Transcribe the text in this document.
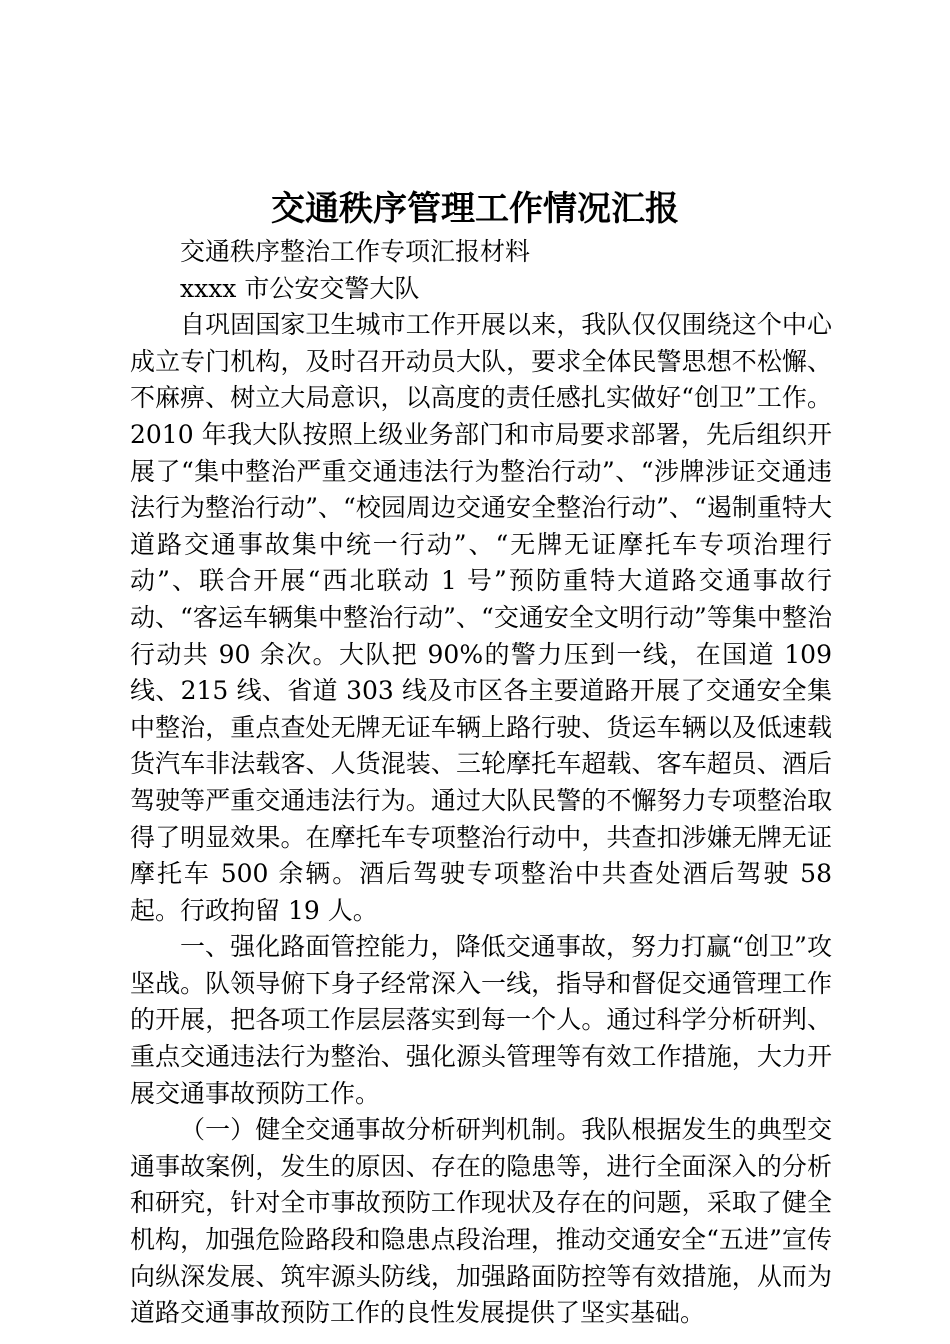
交通秩序管理工作情况汇报

交通秩序整治工作专项汇报材料

xxxx 市公安交警大队

自巩固国家卫生城市工作开展以来，我队仅仅围绕这个中心成立专门机构，及时召开动员大队，要求全体民警思想不松懈、不麻痹、树立大局意识，以高度的责任感扎实做好“创卫”工作。2010 年我大队按照上级业务部门和市局要求部署，先后组织开展了“集中整治严重交通违法行为整治行动”、“涉牌涉证交通违法行为整治行动”、“校园周边交通安全整治行动”、“遏制重特大道路交通事故集中统一行动”、“无牌无证摩托车专项治理行动”、联合开展“西北联动 1 号”预防重特大道路交通事故行动、“客运车辆集中整治行动”、“交通安全文明行动”等集中整治行动共 90 余次。大队把 90%的警力压到一线，在国道 109 线、215 线、省道 303 线及市区各主要道路开展了交通安全集中整治，重点查处无牌无证车辆上路行驶、货运车辆以及低速载货汽车非法载客、人货混装、三轮摩托车超载、客车超员、酒后驾驶等严重交通违法行为。通过大队民警的不懈努力专项整治取得了明显效果。在摩托车专项整治行动中，共查扣涉嫌无牌无证摩托车 500 余辆。酒后驾驶专项整治中共查处酒后驾驶 58 起。行政拘留 19 人。

一、强化路面管控能力，降低交通事故，努力打赢“创卫”攻坚战。队领导俯下身子经常深入一线，指导和督促交通管理工作的开展，把各项工作层层落实到每一个人。通过科学分析研判、重点交通违法行为整治、强化源头管理等有效工作措施，大力开展交通事故预防工作。

（一）健全交通事故分析研判机制。我队根据发生的典型交通事故案例，发生的原因、存在的隐患等，进行全面深入的分析和研究，针对全市事故预防工作现状及存在的问题，采取了健全机构，加强危险路段和隐患点段治理，推动交通安全“五进”宣传向纵深发展、筑牢源头防线，加强路面防控等有效措施，从而为道路交通事故预防工作的良性发展提供了坚实基础。
